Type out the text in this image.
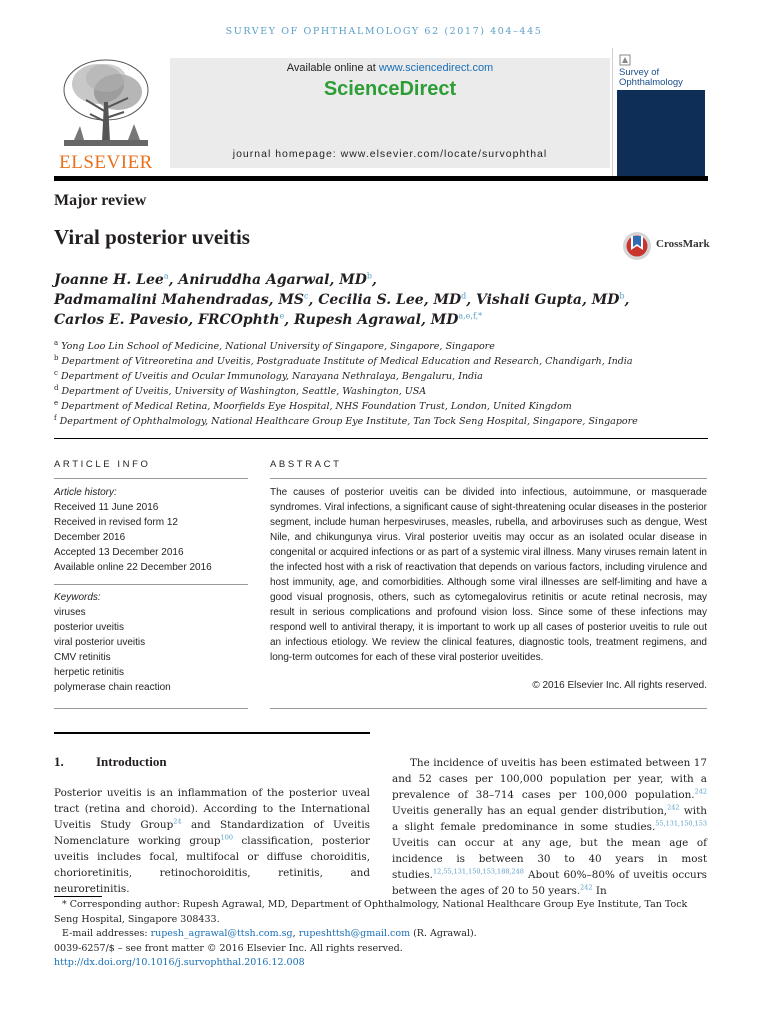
SURVEY OF OPHTHALMOLOGY 62 (2017) 404–445
ELSEVIER
Available online at www.sciencedirect.com
ScienceDirect
journal homepage: www.elsevier.com/locate/survophthal
Survey of
Ophthalmology
Major review
Viral posterior uveitis	CrossMark
Joanne H. Lee$^a$, Aniruddha Agarwal, MD$^b$,
Padmamalini Mahendradas, MS$^c$, Cecilia S. Lee, MD$^d$, Vishali Gupta, MD$^b$,
Carlos E. Pavesio, FRCOphth$^e$, Rupesh Agrawal, MD$^{a,e,f,*}$
$^a$ Yong Loo Lin School of Medicine, National University of Singapore, Singapore, Singapore
$^b$ Department of Vitreoretina and Uveitis, Postgraduate Institute of Medical Education and Research, Chandigarh, India
$^c$ Department of Uveitis and Ocular Immunology, Narayana Nethralaya, Bengaluru, India
$^d$ Department of Uveitis, University of Washington, Seattle, Washington, USA
$^e$ Department of Medical Retina, Moorfields Eye Hospital, NHS Foundation Trust, London, United Kingdom
$^f$ Department of Ophthalmology, National Healthcare Group Eye Institute, Tan Tock Seng Hospital, Singapore, Singapore
ARTICLE INFO
Article history:
Received 11 June 2016
Received in revised form 12
December 2016
Accepted 13 December 2016
Available online 22 December 2016
Keywords:
viruses
posterior uveitis
viral posterior uveitis
CMV retinitis
herpetic retinitis
polymerase chain reaction
ABSTRACT
The causes of posterior uveitis can be divided into infectious, autoimmune, or masquerade syndromes. Viral infections, a significant cause of sight-threatening ocular diseases in the posterior segment, include human herpesviruses, measles, rubella, and arboviruses such as dengue, West Nile, and chikungunya virus. Viral posterior uveitis may occur as an isolated ocular disease in congenital or acquired infections or as part of a systemic viral illness. Many viruses remain latent in the infected host with a risk of reactivation that depends on various factors, including virulence and host immunity, age, and comorbidities. Although some viral illnesses are self-limiting and have a good visual prognosis, others, such as cytomegalovirus retinitis or acute retinal necrosis, may result in serious complications and profound vision loss. Since some of these infections may respond well to antiviral therapy, it is important to work up all cases of posterior uveitis to rule out an infectious etiology. We review the clinical features, diagnostic tools, treatment regimens, and long-term outcomes for each of these viral posterior uveitides.
© 2016 Elsevier Inc. All rights reserved.
1. Introduction
Posterior uveitis is an inflammation of the posterior uveal tract (retina and choroid). According to the International Uveitis Study Group$^{24}$ and Standardization of Uveitis Nomenclature working group$^{100}$ classification, posterior uveitis includes focal, multifocal or diffuse choroiditis, chorioretinitis, retinochoroiditis, retinitis, and neuroretinitis.
The incidence of uveitis has been estimated between 17 and 52 cases per 100,000 population per year, with a prevalence of 38–714 cases per 100,000 population.$^{242}$ Uveitis generally has an equal gender distribution,$^{242}$ with a slight female predominance in some studies.$^{55,131,150,153}$ Uveitis can occur at any age, but the mean age of incidence is between 30 to 40 years in most studies.$^{12,55,131,150,153,188,248}$ About 60%–80% of uveitis occurs between the ages of 20 to 50 years.$^{242}$ In
* Corresponding author: Rupesh Agrawal, MD, Department of Ophthalmology, National Healthcare Group Eye Institute, Tan Tock Seng Hospital, Singapore 308433.
E-mail addresses: rupesh_agrawal@ttsh.com.sg, rupeshttsh@gmail.com (R. Agrawal).
0039-6257/$ – see front matter © 2016 Elsevier Inc. All rights reserved.
http://dx.doi.org/10.1016/j.survophthal.2016.12.008
